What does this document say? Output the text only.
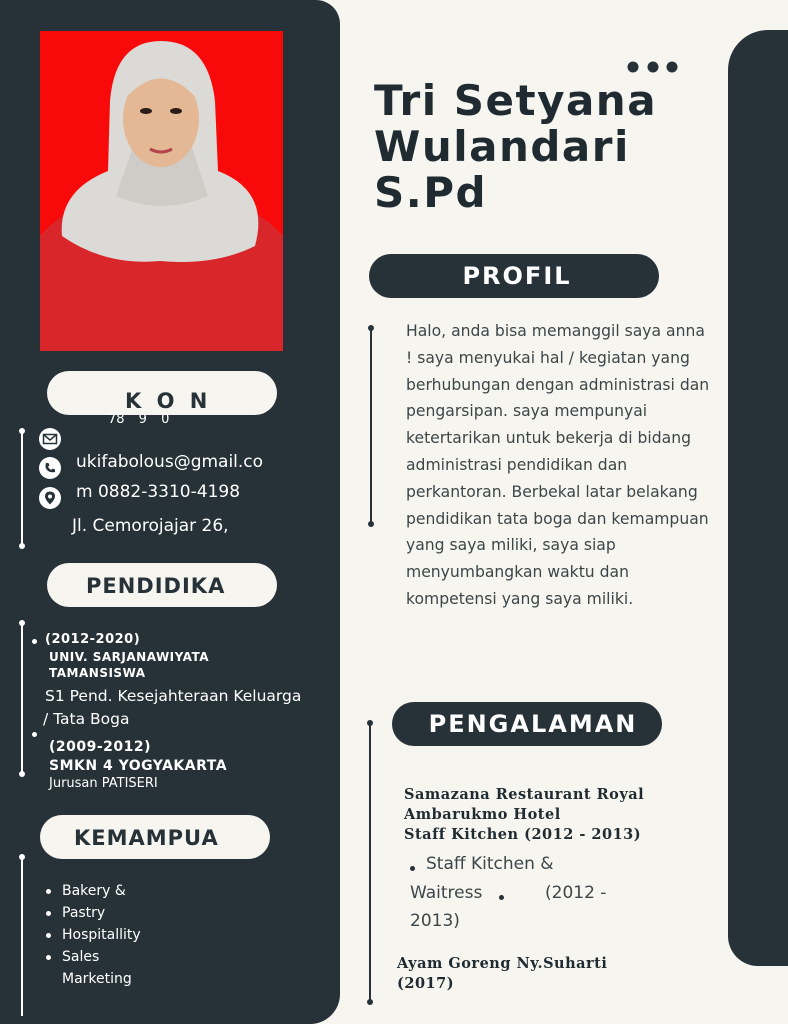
K O N
78 9 0
ukifabolous@gmail.co
m 0882-3310-4198
Jl. Cemorojajar 26,
PENDIDIKA
(2012-2020)
UNIV. SARJANAWIYATA
TAMANSISWA
S1 Pend. Kesejahteraan Keluarga
/ Tata Boga
(2009-2012)
SMKN 4 YOGYAKARTA
Jurusan PATISERI
KEMAMPUA
Bakery &
Pastry
Hospitallity
Sales
Marketing
Tri Setyana
Wulandari
S.Pd
PROFIL
Halo, anda bisa memanggil saya anna ! saya menyukai hal / kegiatan yang berhubungan dengan administrasi dan pengarsipan. saya mempunyai ketertarikan untuk bekerja di bidang administrasi pendidikan dan perkantoran. Berbekal latar belakang pendidikan tata boga dan kemampuan yang saya miliki, saya siap menyumbangkan waktu dan kompetensi yang saya miliki.
PENGALAMAN
Samazana Restaurant Royal
Ambarukmo Hotel
Staff Kitchen (2012 - 2013)
Staff Kitchen &
Waitress	(2012 -
2013)
Ayam Goreng Ny.Suharti
(2017)
